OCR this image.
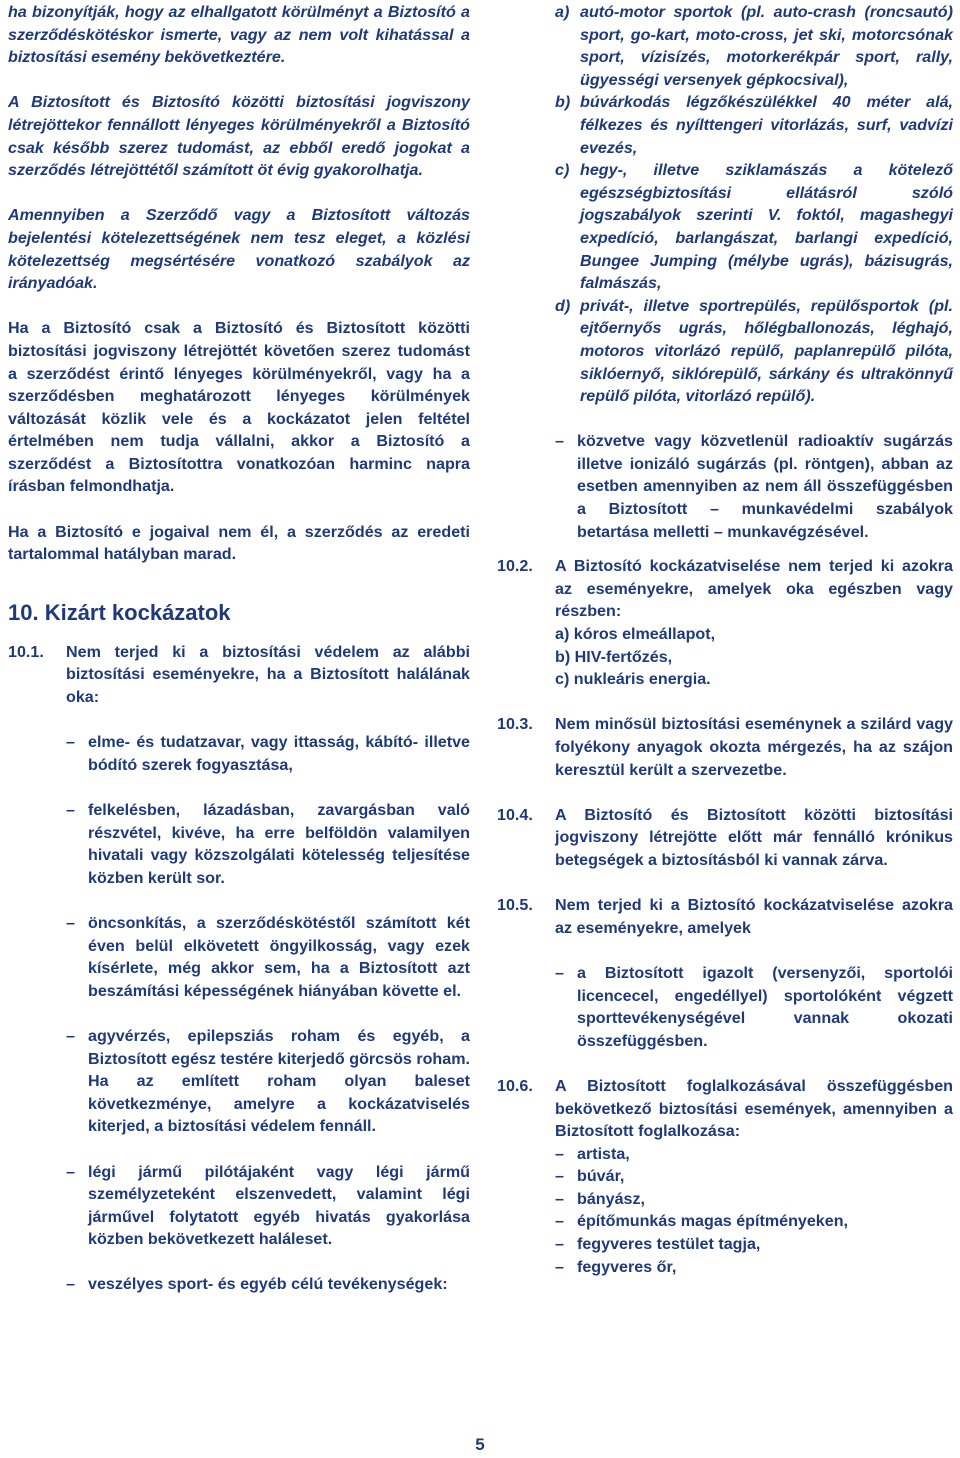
ha bizonyítják, hogy az elhallgatott körülményt a Biztosító a szerződéskötéskor ismerte, vagy az nem volt kihatással a biztosítási esemény bekövetkeztére.

A Biztosított és Biztosító közötti biztosítási jogviszony létrejöttekor fennállott lényeges körülményekről a Biztosító csak később szerez tudomást, az ebből eredő jogokat a szerződés létrejöttétől számított öt évig gyakorolhatja.

Amennyiben a Szerződő vagy a Biztosított változás bejelentési kötelezettségének nem tesz eleget, a közlési kötelezettség megsértésére vonatkozó szabályok az irányadóak.

Ha a Biztosító csak a Biztosító és Biztosított közötti biztosítási jogviszony létrejöttét követően szerez tudomást a szerződést érintő lényeges körülményekről, vagy ha a szerződésben meghatározott lényeges körülmények változását közlik vele és a kockázatot jelen feltétel értelmében nem tudja vállalni, akkor a Biztosító a szerződést a Biztosítottra vonatkozóan harminc napra írásban felmondhatja.

Ha a Biztosító e jogaival nem él, a szerződés az eredeti tartalommal hatályban marad.

10. Kizárt kockázatok
10.1.	Nem terjed ki a biztosítási védelem az alábbi biztosítási eseményekre, ha a Biztosított halálának oka:

– elme- és tudatzavar, vagy ittasság, kábító- illetve bódító szerek fogyasztása,
– felkelésben, lázadásban, zavargásban való részvétel, kivéve, ha erre belföldön valamilyen hivatali vagy közszolgálati kötelesség teljesítése közben került sor.
– öncsonkítás, a szerződéskötéstől számított két éven belül elkövetett öngyilkosság, vagy ezek kísérlete, még akkor sem, ha a Biztosított azt beszámítási képességének hiányában követte el.
– agyvérzés, epilepsziás roham és egyéb, a Biztosított egész testére kiterjedő görcsös roham. Ha az említett roham olyan baleset következménye, amelyre a kockázatviselés kiterjed, a biztosítási védelem fennáll.
– légi jármű pilótájaként vagy légi jármű személyzeteként elszenvedett, valamint légi járművel folytatott egyéb hivatás gyakorlása közben bekövetkezett haláleset.
– veszélyes sport- és egyéb célú tevékenységek:
a) autó-motor sportok (pl. auto-crash (roncsautó) sport, go-kart, moto-cross, jet ski, motorcsónak sport, vízisízés, motorkerékpár sport, rally, ügyességi versenyek gépkocsival),
b) búvárkodás légzőkészülékkel 40 méter alá, félkezes és nyílttengeri vitorlázás, surf, vadvízi evezés,
c) hegy-, illetve sziklamászás a kötelező egészségbiztosítási ellátásról szóló jogszabályok szerinti V. foktól, magashegyi expedíció, barlangászat, barlangi expedíció, Bungee Jumping (mélybe ugrás), bázisugrás, falmászás,
d) privát-, illetve sportrepülés, repülősportok (pl. ejtőernyős ugrás, hőlégballonozás, léghajó, motoros vitorlázó repülő, paplanrepülő pilóta, siklóernyő, siklórepülő, sárkány és ultrakönnyű repülő pilóta, vitorlázó repülő).
– közvetve vagy közvetlenül radioaktív sugárzás illetve ionizáló sugárzás (pl. röntgen), abban az esetben amennyiben az nem áll összefüggésben a Biztosított – munkavédelmi szabályok betartása melletti – munkavégzésével.
10.2.	A Biztosító kockázatviselése nem terjed ki azokra az eseményekre, amelyek oka egészben vagy részben:

a) kóros elmeállapot,

b) HIV-fertőzés,

c) nukleáris energia.

10.3.	Nem minősül biztosítási eseménynek a szilárd vagy folyékony anyagok okozta mérgezés, ha az szájon keresztül került a szervezetbe.

10.4.	A Biztosító és Biztosított közötti biztosítási jogviszony létrejötte előtt már fennálló krónikus betegségek a biztosításból ki vannak zárva.

10.5.	Nem terjed ki a Biztosító kockázatviselése azokra az eseményekre, amelyek

– a Biztosított igazolt (versenyzői, sportolói licencecel, engedéllyel) sportolóként végzett sporttevékenységével vannak okozati összefüggésben.
10.6.	A Biztosított foglalkozásával összefüggésben bekövetkező biztosítási események, amennyiben a Biztosított foglalkozása:

– artista,
– búvár,
– bányász,
– építőmunkás magas építményeken,
– fegyveres testület tagja,
– fegyveres őr,
5
